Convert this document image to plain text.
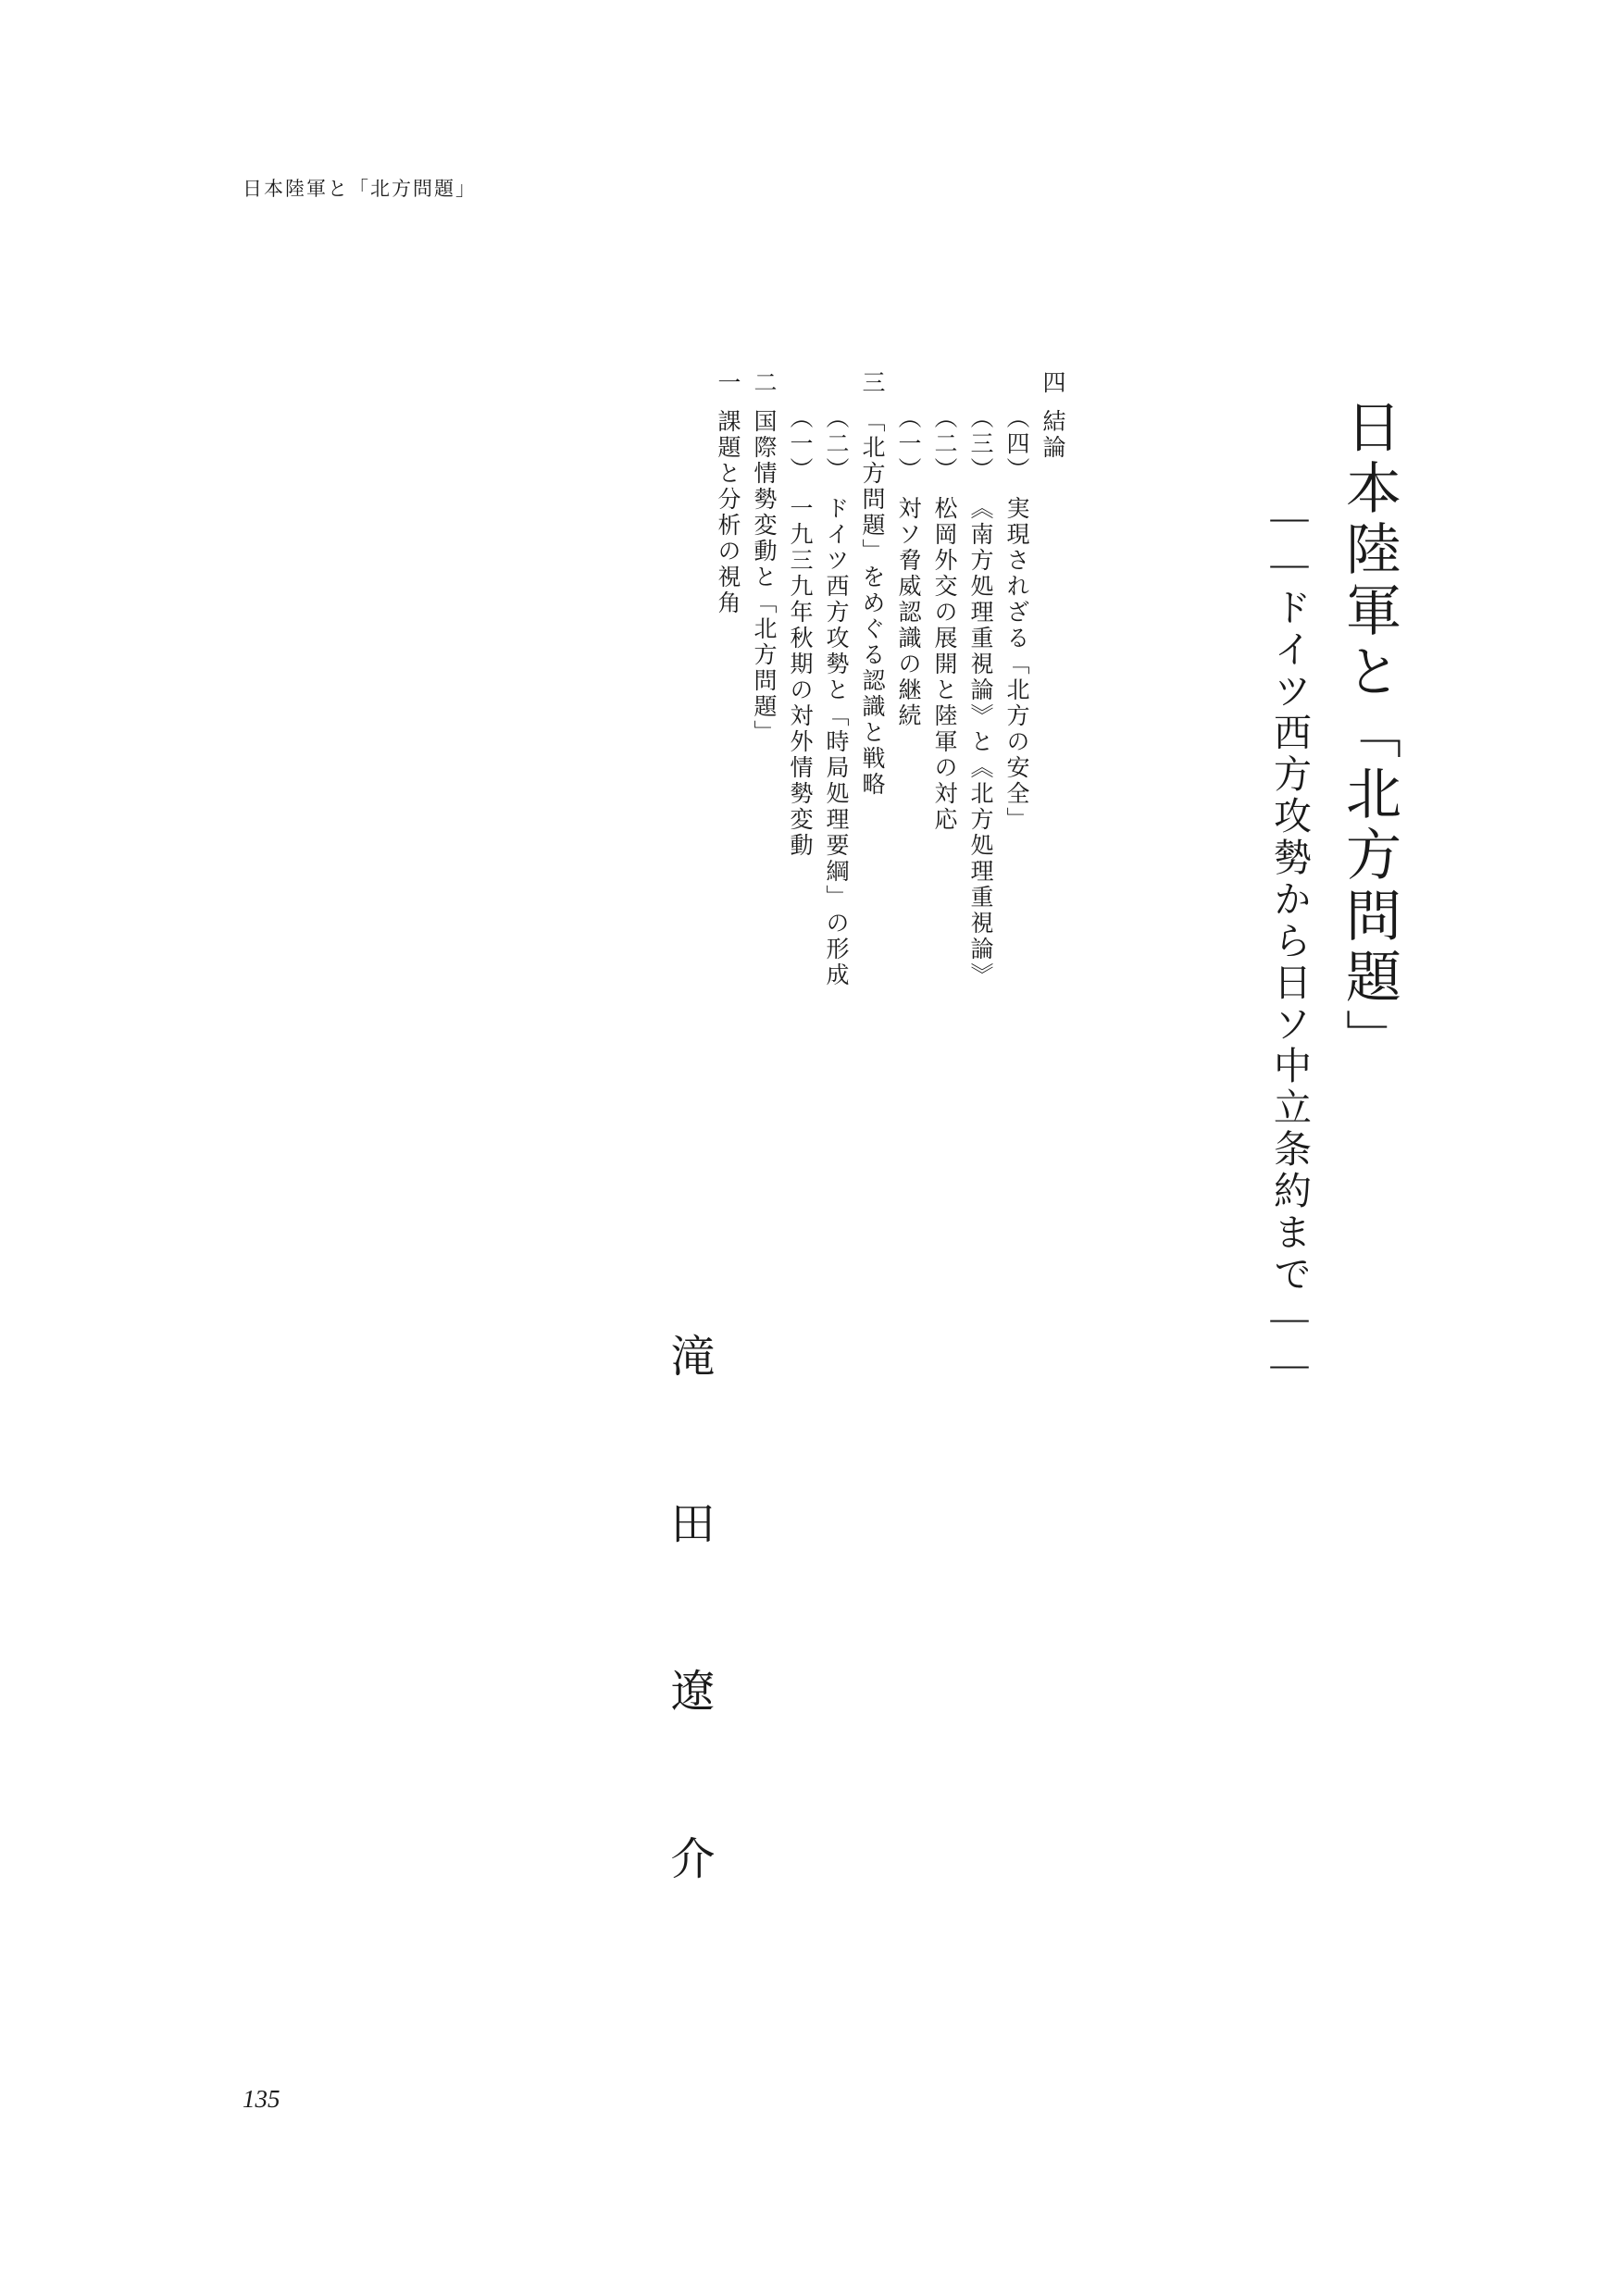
日本陸軍と「北方問題」
日本陸軍と「北方問題」
——ドイツ西方攻勢から日ソ中立条約まで——
滝 田 遼 介
一　課題と分析の視角
二　国際情勢変動と「北方問題」 （一）　一九三九年秋期の対外情勢変動
（二）　ドイツ西方攻勢と「時局処理要綱」の形成
三　「北方問題」をめぐる認識と戦略 （一）　対ソ脅威認識の継続
（二）　松岡外交の展開と陸軍の対応
（三）　《南方処理重視論》と《北方処理重視論》
（四）　実現されざる「北方の安全」
四　結論
135
